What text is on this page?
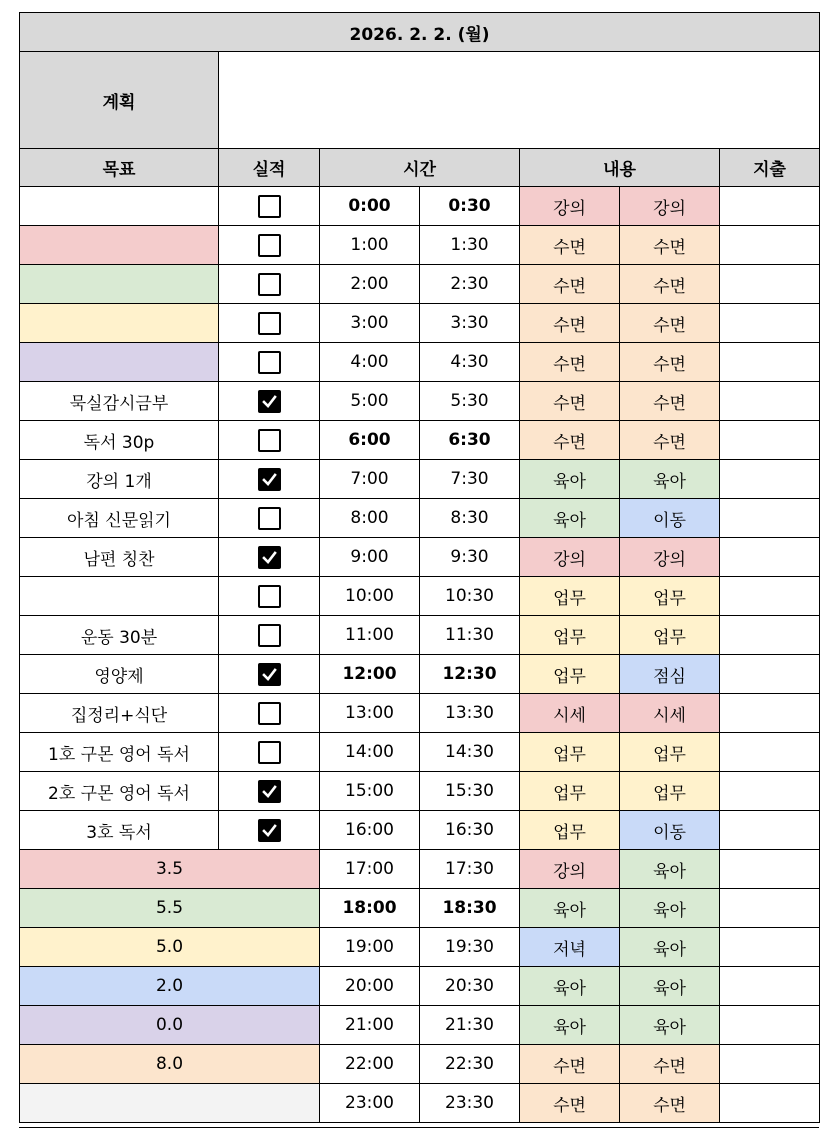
2026. 2. 2. (월)						
계획						
목표	실적	시간		내용		지출
		0:00	0:30	강의	강의	
		1:00	1:30	수면	수면	
		2:00	2:30	수면	수면	
		3:00	3:30	수면	수면	
		4:00	4:30	수면	수면	
묵실감시금부		5:00	5:30	수면	수면	
독서 30p		6:00	6:30	수면	수면	
강의 1개		7:00	7:30	육아	육아	
아침 신문읽기		8:00	8:30	육아	이동	
남편 칭찬		9:00	9:30	강의	강의	
		10:00	10:30	업무	업무	
운동 30분		11:00	11:30	업무	업무	
영양제		12:00	12:30	업무	점심	
집정리+식단		13:00	13:30	시세	시세	
1호 구몬 영어 독서		14:00	14:30	업무	업무	
2호 구몬 영어 독서		15:00	15:30	업무	업무	
3호 독서		16:00	16:30	업무	이동	
3.5		17:00	17:30	강의	육아	
5.5		18:00	18:30	육아	육아	
5.0		19:00	19:30	저녁	육아	
2.0		20:00	20:30	육아	육아	
0.0		21:00	21:30	육아	육아	
8.0		22:00	22:30	수면	수면	
		23:00	23:30	수면	수면	
